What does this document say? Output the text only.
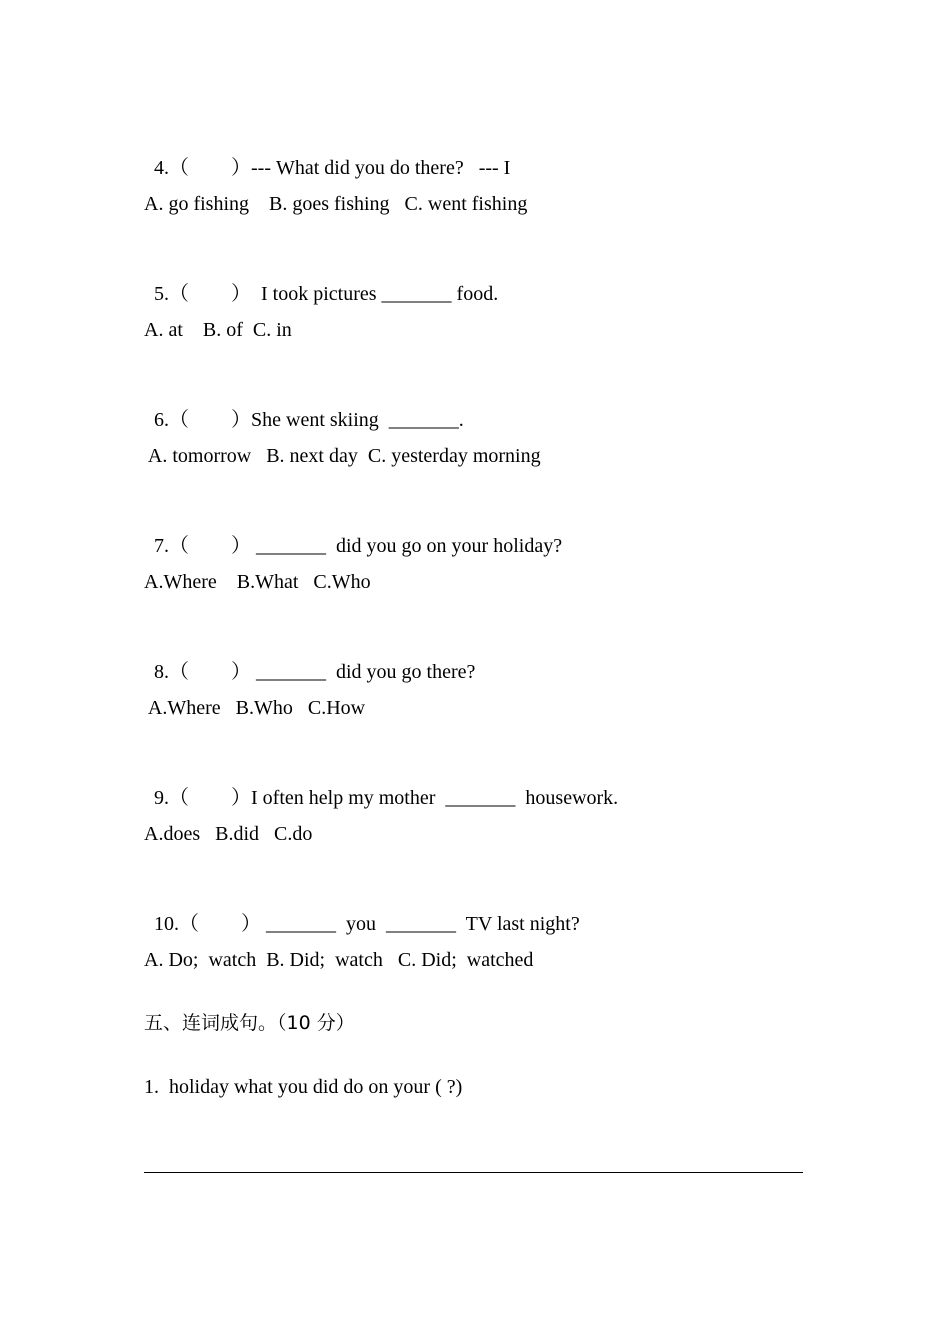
4.（ ）--- What did you do there?   --- I

A. go fishing    B. goes fishing   C. went fishing

5.（ ） I took pictures _______ food.

A. at    B. of  C. in

6.（ ）She went skiing  _______.

A. tomorrow   B. next day  C. yesterday morning

7.（ ） _______  did you go on your holiday?

A.Where    B.What   C.Who

8.（ ） _______  did you go there?

A.Where   B.Who   C.How

9.（ ）I often help my mother  _______  housework.

A.does   B.did   C.do

10.（ ） _______  you  _______  TV last night?

A. Do;  watch  B. Did;  watch   C. Did;  watched
五、连词成句。（10 分）
1.  holiday what you did do on your ( ?)
